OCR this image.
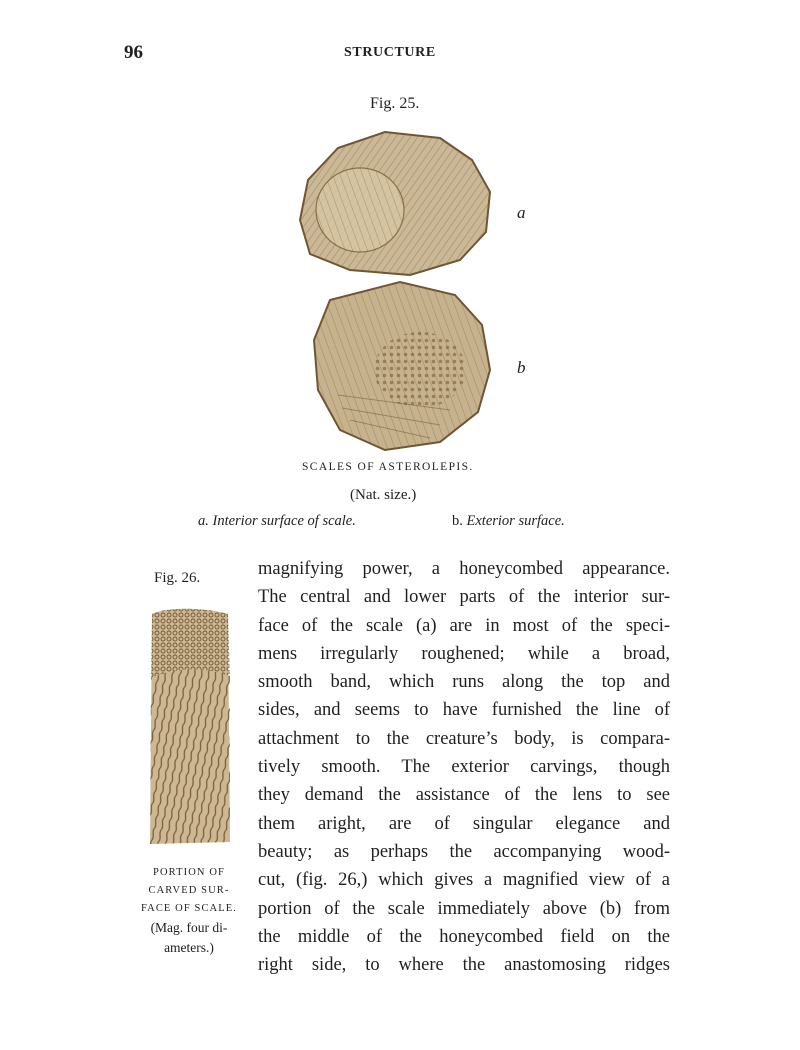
96	STRUCTURE
Fig. 25.
a
b
SCALES OF ASTEROLEPIS.
(Nat. size.)
a. Interior surface of scale.	b. Exterior surface.
Fig. 26.
PORTION OF
CARVED SUR-
FACE OF SCALE.
(Mag. four di-
ameters.)
magnifying power, a honeycombed appearance.
The central and lower parts of the interior sur-
face of the scale (a) are in most of the speci-
mens irregularly roughened; while a broad,
smooth band, which runs along the top and
sides, and seems to have furnished the line of
attachment to the creature’s body, is compara-
tively smooth. The exterior carvings, though
they demand the assistance of the lens to see
them aright, are of singular elegance and
beauty; as perhaps the accompanying wood-
cut, (fig. 26,) which gives a magnified view of a
portion of the scale immediately above (b) from
the middle of the honeycombed field on the
right side, to where the anastomosing ridges
